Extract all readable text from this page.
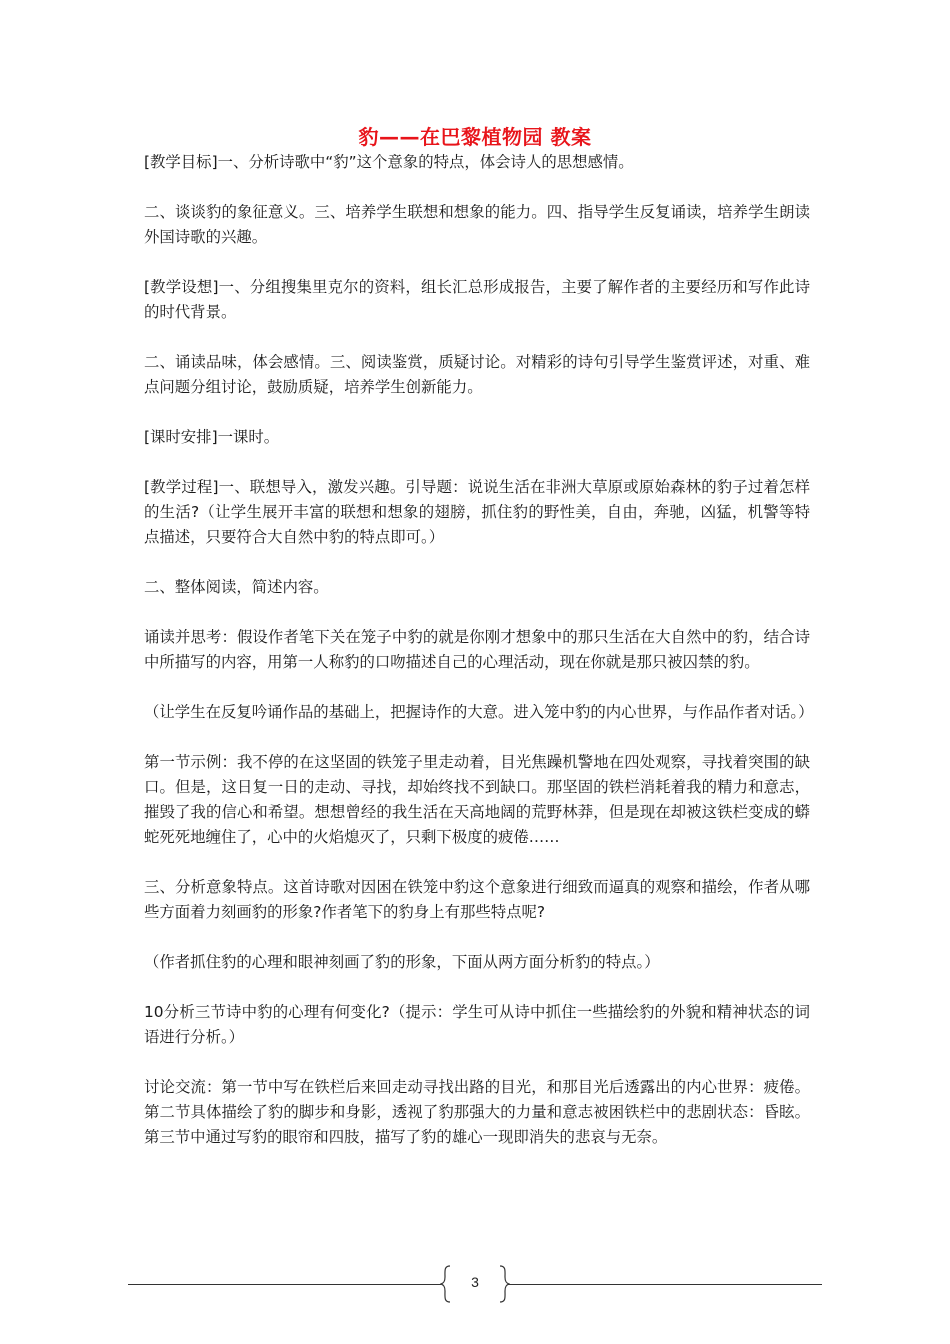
豹——在巴黎植物园 教案

[教学目标]一、分析诗歌中“豹”这个意象的特点，体会诗人的思想感情。

二、谈谈豹的象征意义。三、培养学生联想和想象的能力。四、指导学生反复诵读，培养学生朗读外国诗歌的兴趣。

[教学设想]一、分组搜集里克尔的资料，组长汇总形成报告，主要了解作者的主要经历和写作此诗的时代背景。

二、诵读品味，体会感情。三、阅读鉴赏，质疑讨论。对精彩的诗句引导学生鉴赏评述，对重、难点问题分组讨论，鼓励质疑，培养学生创新能力。

[课时安排]一课时。

[教学过程]一、联想导入，激发兴趣。引导题：说说生活在非洲大草原或原始森林的豹子过着怎样的生活?（让学生展开丰富的联想和想象的翅膀，抓住豹的野性美，自由，奔驰，凶猛，机警等特点描述，只要符合大自然中豹的特点即可。）

二、整体阅读，简述内容。

诵读并思考：假设作者笔下关在笼子中豹的就是你刚才想象中的那只生活在大自然中的豹，结合诗中所描写的内容，用第一人称豹的口吻描述自己的心理活动，现在你就是那只被囚禁的豹。

（让学生在反复吟诵作品的基础上，把握诗作的大意。进入笼中豹的内心世界，与作品作者对话。）

第一节示例：我不停的在这坚固的铁笼子里走动着，目光焦躁机警地在四处观察，寻找着突围的缺口。但是，这日复一日的走动、寻找，却始终找不到缺口。那坚固的铁栏消耗着我的精力和意志，摧毁了我的信心和希望。想想曾经的我生活在天高地阔的荒野林莽，但是现在却被这铁栏变成的蟒蛇死死地缠住了，心中的火焰熄灭了，只剩下极度的疲倦……

三、分析意象特点。这首诗歌对因困在铁笼中豹这个意象进行细致而逼真的观察和描绘，作者从哪些方面着力刻画豹的形象?作者笔下的豹身上有那些特点呢?

（作者抓住豹的心理和眼神刻画了豹的形象，下面从两方面分析豹的特点。）

10分析三节诗中豹的心理有何变化?（提示：学生可从诗中抓住一些描绘豹的外貌和精神状态的词语进行分析。）

讨论交流：第一节中写在铁栏后来回走动寻找出路的目光，和那目光后透露出的内心世界：疲倦。第二节具体描绘了豹的脚步和身影，透视了豹那强大的力量和意志被困铁栏中的悲剧状态：昏眩。第三节中通过写豹的眼帘和四肢，描写了豹的雄心一现即消失的悲哀与无奈。

3
